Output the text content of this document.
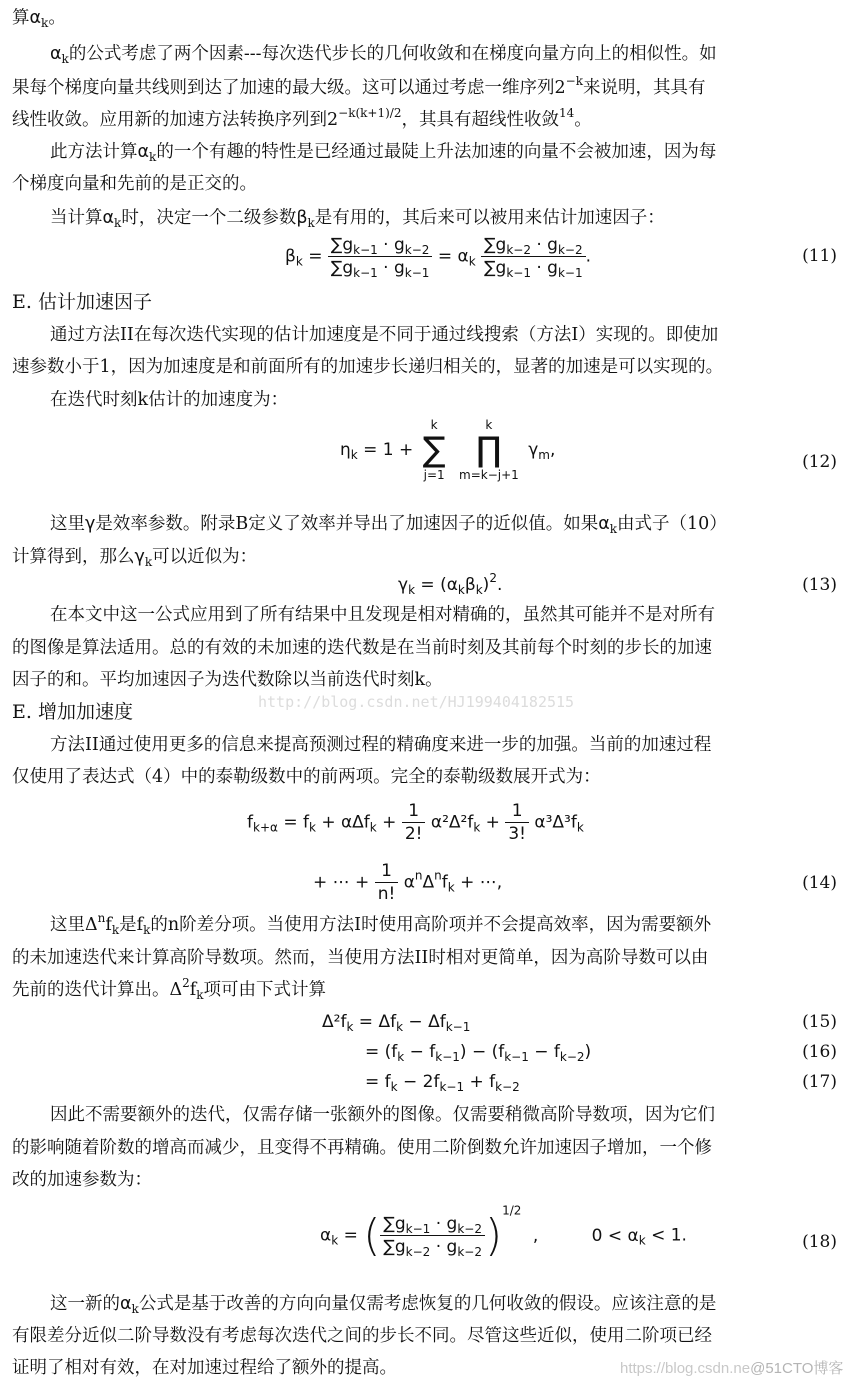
算$\alpha_k$。
$\alpha_k$的公式考虑了两个因素---每次迭代步长的几何收敛和在梯度向量方向上的相似性。如
果每个梯度向量共线则到达了加速的最大级。这可以通过考虑一维序列$2^{-k}$来说明，其具有
线性收敛。应用新的加速方法转换序列到$2^{-k(k+1)/2}$，其具有超线性收敛$^{14}$。
此方法计算$\alpha_k$的一个有趣的特性是已经通过最陡上升法加速的向量不会被加速，因为每
个梯度向量和先前的是正交的。
当计算$\alpha_k$时，决定一个二级参数$\beta_k$是有用的，其后来可以被用来估计加速因子：
$\beta_k = \frac{\sum g_{k-1} \cdot g_{k-2}}{\sum g_{k-1} \cdot g_{k-1}} = \alpha_k \frac{\sum g_{k-2} \cdot g_{k-2}}{\sum g_{k-1} \cdot g_{k-1}}$ .	(11)
E. 估计加速因子
通过方法II在每次迭代实现的估计加速度是不同于通过线搜索（方法I）实现的。即使加
速参数小于1，因为加速度是和前面所有的加速步长递归相关的，显著的加速是可以实现的。
在迭代时刻k估计的加速度为：
$\eta_k = 1$ +
k
∑
j=1

k
∏
m=k−j+1
$\gamma_m$,
(12)
这里γ是效率参数。附录B定义了效率并导出了加速因子的近似值。如果$\alpha_k$由式子（10）
计算得到，那么$\gamma_k$可以近似为：
$\gamma_k = (\alpha_k\beta_k)^2$.	(13)
在本文中这一公式应用到了所有结果中且发现是相对精确的，虽然其可能并不是对所有
的图像是算法适用。总的有效的未加速的迭代数是在当前时刻及其前每个时刻的步长的加速
因子的和。平均加速因子为迭代数除以当前迭代时刻k。
E. 增加加速度	http://blog.csdn.net/HJ199404182515
方法II通过使用更多的信息来提高预测过程的精确度来进一步的加强。当前的加速过程
仅使用了表达式（4）中的泰勒级数中的前两项。完全的泰勒级数展开式为：
$f_{k+\alpha} = f_k + \alpha\Delta f_k + \frac{1}{2!} \alpha^2\Delta^2f_k + \frac{1}{3!} \alpha^3\Delta^3f_k$
+ ⋯ + $\frac{1}{n!} \alpha^n\Delta^nf_k$ + ⋯,	(14)
这里$\Delta^nf_k$是$f_k$的n阶差分项。当使用方法I时使用高阶项并不会提高效率，因为需要额外
的未加速迭代来计算高阶导数项。然而，当使用方法II时相对更简单，因为高阶导数可以由
先前的迭代计算出。$\Delta^2f_k$项可由下式计算
$\Delta^2f_k = \Delta f_k - \Delta f_{k-1}$	(15)
= $(f_k - f_{k-1}) - (f_{k-1} - f_{k-2})$	(16)
= $f_k - 2f_{k-1} + f_{k-2}$	(17)
因此不需要额外的迭代，仅需存储一张额外的图像。仅需要稍微高阶导数项，因为它们
的影响随着阶数的增高而减少，且变得不再精确。使用二阶倒数允许加速因子增加，一个修
改的加速参数为：
$\alpha_k$ = ( $\frac{\sum g_{k-1} \cdot g_{k-2}}{\sum g_{k-2} \cdot g_{k-2}} )^{1/2}$ ,	$0 < \alpha_k < 1$.	(18)
这一新的$\alpha_k$公式是基于改善的方向向量仅需考虑恢复的几何收敛的假设。应该注意的是
有限差分近似二阶导数没有考虑每次迭代之间的步长不同。尽管这些近似，使用二阶项已经
证明了相对有效，在对加速过程给了额外的提高。	https://blog.csdn.ne@51CTO博客
